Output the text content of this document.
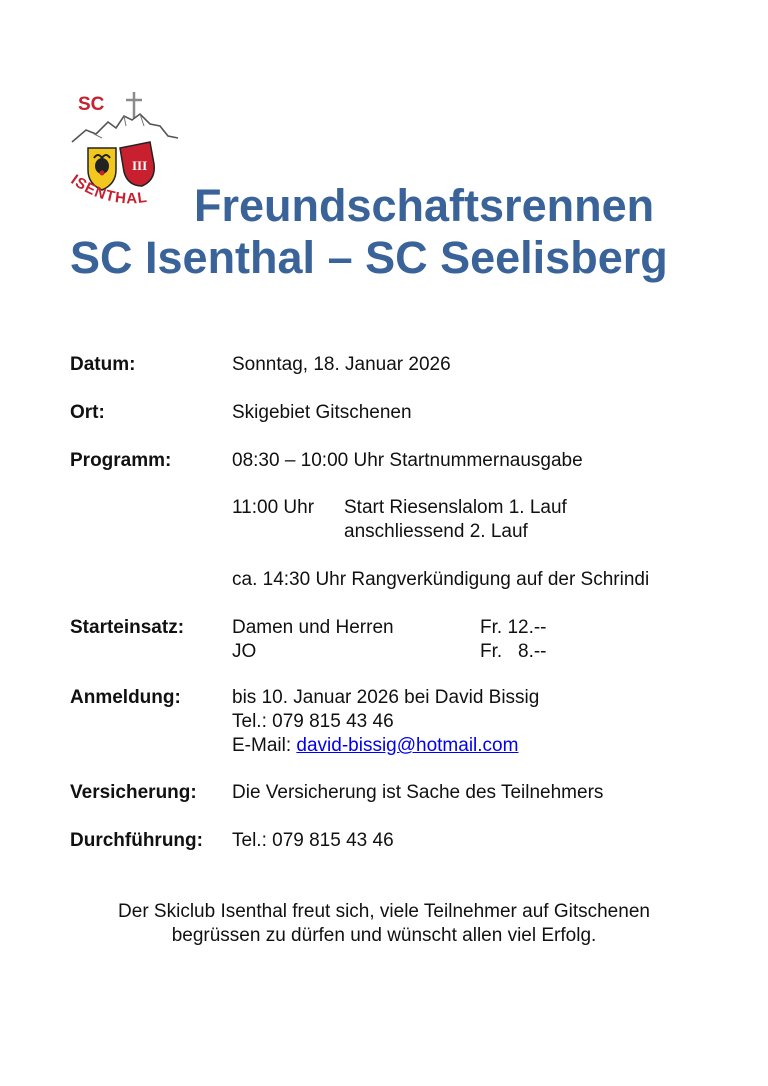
SC
III
ISENTHAL	Freundschaftsrennen
SC Isenthal – SC Seelisberg
Datum:	Sonntag, 18. Januar 2026
Ort:	Skigebiet Gitschenen
Programm:	08:30 – 10:00 Uhr Startnummernausgabe
11:00 Uhr Start Riesenslalom 1. Lauf
anschliessend 2. Lauf
ca. 14:30 Uhr Rangverkündigung auf der Schrindi
Starteinsatz:	Damen und Herren	Fr. 12.--
JO	Fr.   8.--
Anmeldung:	bis 10. Januar 2026 bei David Bissig
Tel.: 079 815 43 46
E-Mail: david-bissig@hotmail.com
Versicherung: Die Versicherung ist Sache des Teilnehmers
Durchführung: Tel.: 079 815 43 46
Der Skiclub Isenthal freut sich, viele Teilnehmer auf Gitschenen
begrüssen zu dürfen und wünscht allen viel Erfolg.
